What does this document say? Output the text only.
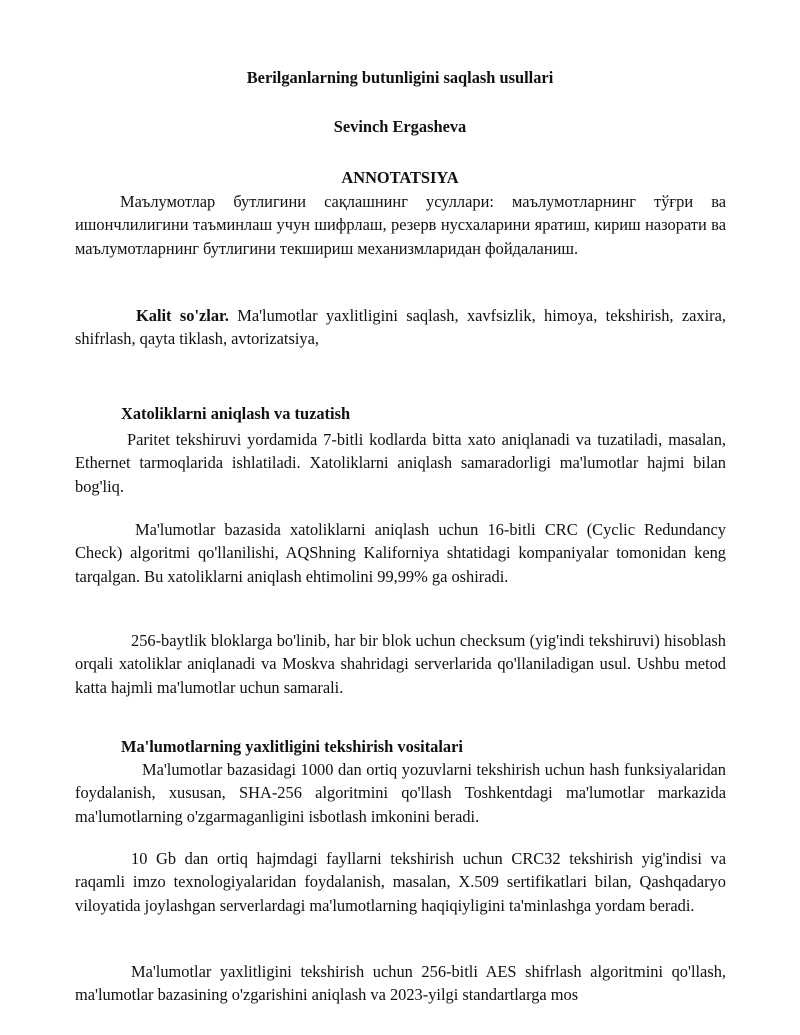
Berilganlarning butunligini saqlash usullari
Sevinch Ergasheva
ANNOTATSIYA
Маълумотлар бутлигини сақлашнинг усуллари: маълумотларнинг тўғри ва ишончлилигини таъминлаш учун шифрлаш, резерв нусхаларини яратиш, кириш назорати ва маълумотларнинг бутлигини текшириш механизмларидан фойдаланиш.
Kalit so'zlar. Ma'lumotlar yaxlitligini saqlash, xavfsizlik, himoya, tekshirish, zaxira, shifrlash, qayta tiklash, avtorizatsiya,
Xatoliklarni aniqlash va tuzatish
Paritet tekshiruvi yordamida 7-bitli kodlarda bitta xato aniqlanadi va tuzatiladi, masalan, Ethernet tarmoqlarida ishlatiladi. Xatoliklarni aniqlash samaradorligi ma'lumotlar hajmi bilan bog'liq.
Ma'lumotlar bazasida xatoliklarni aniqlash uchun 16-bitli CRC (Cyclic Redundancy Check) algoritmi qo'llanilishi, AQShning Kaliforniya shtatidagi kompaniyalar tomonidan keng tarqalgan. Bu xatoliklarni aniqlash ehtimolini 99,99% ga oshiradi.
256-baytlik bloklarga bo'linib, har bir blok uchun checksum (yig'indi tekshiruvi) hisoblash orqali xatoliklar aniqlanadi va Moskva shahridagi serverlarida qo'llaniladigan usul. Ushbu metod katta hajmli ma'lumotlar uchun samarali.
Ma'lumotlarning yaxlitligini tekshirish vositalari
Ma'lumotlar bazasidagi 1000 dan ortiq yozuvlarni tekshirish uchun hash funksiyalaridan foydalanish, xususan, SHA-256 algoritmini qo'llash Toshkentdagi ma'lumotlar markazida ma'lumotlarning o'zgarmaganligini isbotlash imkonini beradi.
10 Gb dan ortiq hajmdagi fayllarni tekshirish uchun CRC32 tekshirish yig'indisi va raqamli imzo texnologiyalaridan foydalanish, masalan, X.509 sertifikatlari bilan, Qashqadaryo viloyatida joylashgan serverlardagi ma'lumotlarning haqiqiyligini ta'minlashga yordam beradi.
Ma'lumotlar yaxlitligini tekshirish uchun 256-bitli AES shifrlash algoritmini qo'llash, ma'lumotlar bazasining o'zgarishini aniqlash va 2023-yilgi standartlarga mos
